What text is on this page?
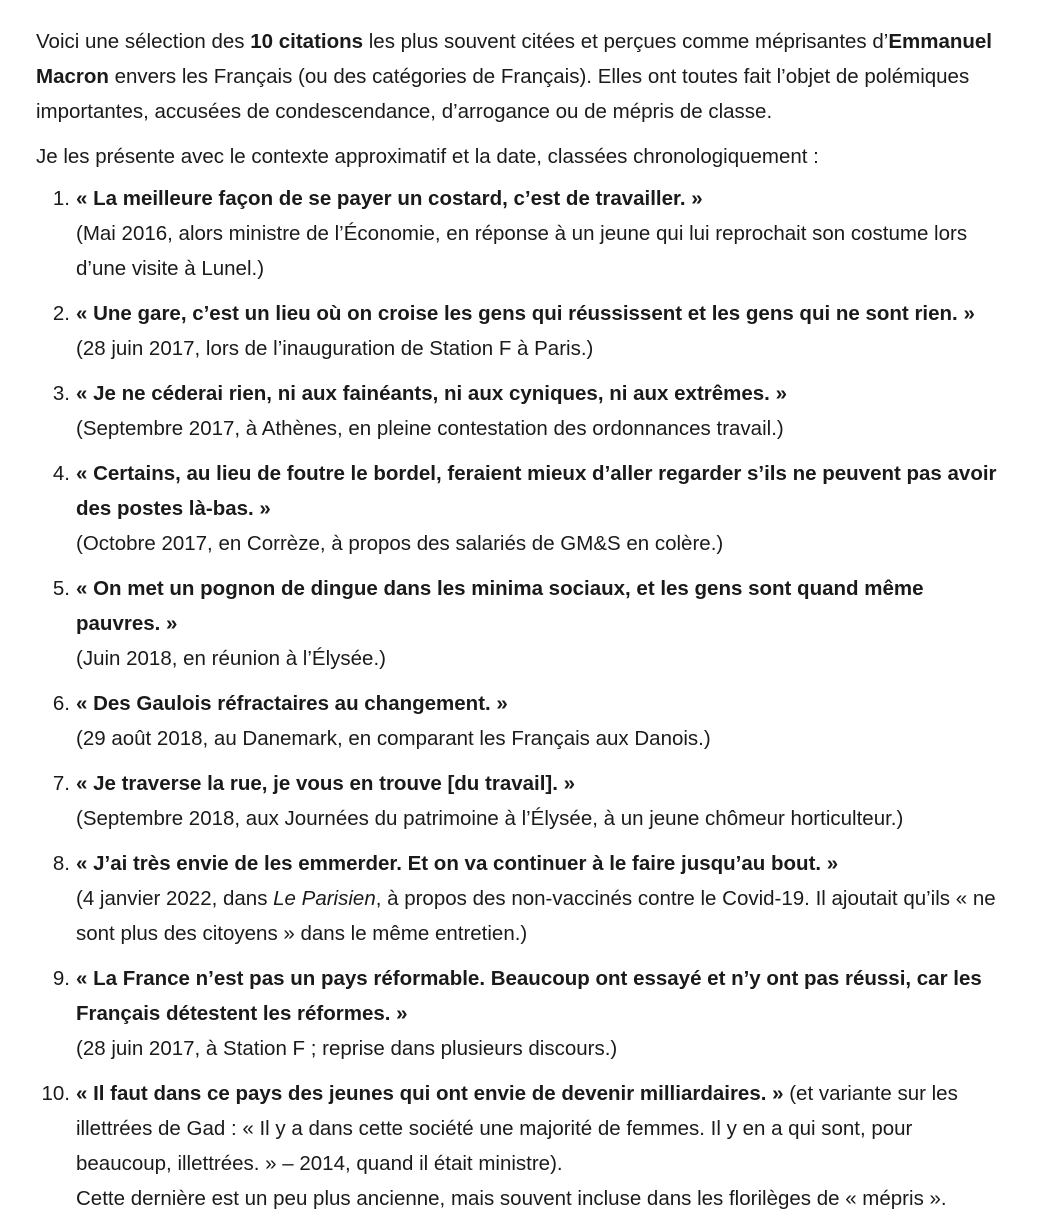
Voici une sélection des 10 citations les plus souvent citées et perçues comme méprisantes d’Emmanuel Macron envers les Français (ou des catégories de Français). Elles ont toutes fait l’objet de polémiques importantes, accusées de condescendance, d’arrogance ou de mépris de classe.

Je les présente avec le contexte approximatif et la date, classées chronologiquement :

1. « La meilleure façon de se payer un costard, c’est de travailler. »
(Mai 2016, alors ministre de l’Économie, en réponse à un jeune qui lui reprochait son costume lors d’une visite à Lunel.)
2. « Une gare, c’est un lieu où on croise les gens qui réussissent et les gens qui ne sont rien. »
(28 juin 2017, lors de l’inauguration de Station F à Paris.)
3. « Je ne céderai rien, ni aux fainéants, ni aux cyniques, ni aux extrêmes. »
(Septembre 2017, à Athènes, en pleine contestation des ordonnances travail.)
4. « Certains, au lieu de foutre le bordel, feraient mieux d’aller regarder s’ils ne peuvent pas avoir des postes là-bas. »
(Octobre 2017, en Corrèze, à propos des salariés de GM&S en colère.)
5. « On met un pognon de dingue dans les minima sociaux, et les gens sont quand même pauvres. »
(Juin 2018, en réunion à l’Élysée.)
6. « Des Gaulois réfractaires au changement. »
(29 août 2018, au Danemark, en comparant les Français aux Danois.)
7. « Je traverse la rue, je vous en trouve [du travail]. »
(Septembre 2018, aux Journées du patrimoine à l’Élysée, à un jeune chômeur horticulteur.)
8. « J’ai très envie de les emmerder. Et on va continuer à le faire jusqu’au bout. »
(4 janvier 2022, dans Le Parisien, à propos des non-vaccinés contre le Covid-19. Il ajoutait qu’ils « ne sont plus des citoyens » dans le même entretien.)
9. « La France n’est pas un pays réformable. Beaucoup ont essayé et n’y ont pas réussi, car les Français détestent les réformes. »
(28 juin 2017, à Station F ; reprise dans plusieurs discours.)
10. « Il faut dans ce pays des jeunes qui ont envie de devenir milliardaires. » (et variante sur les illettrées de Gad : « Il y a dans cette société une majorité de femmes. Il y en a qui sont, pour beaucoup, illettrées. » – 2014, quand il était ministre).
Cette dernière est un peu plus ancienne, mais souvent incluse dans les florilèges de « mépris ».
